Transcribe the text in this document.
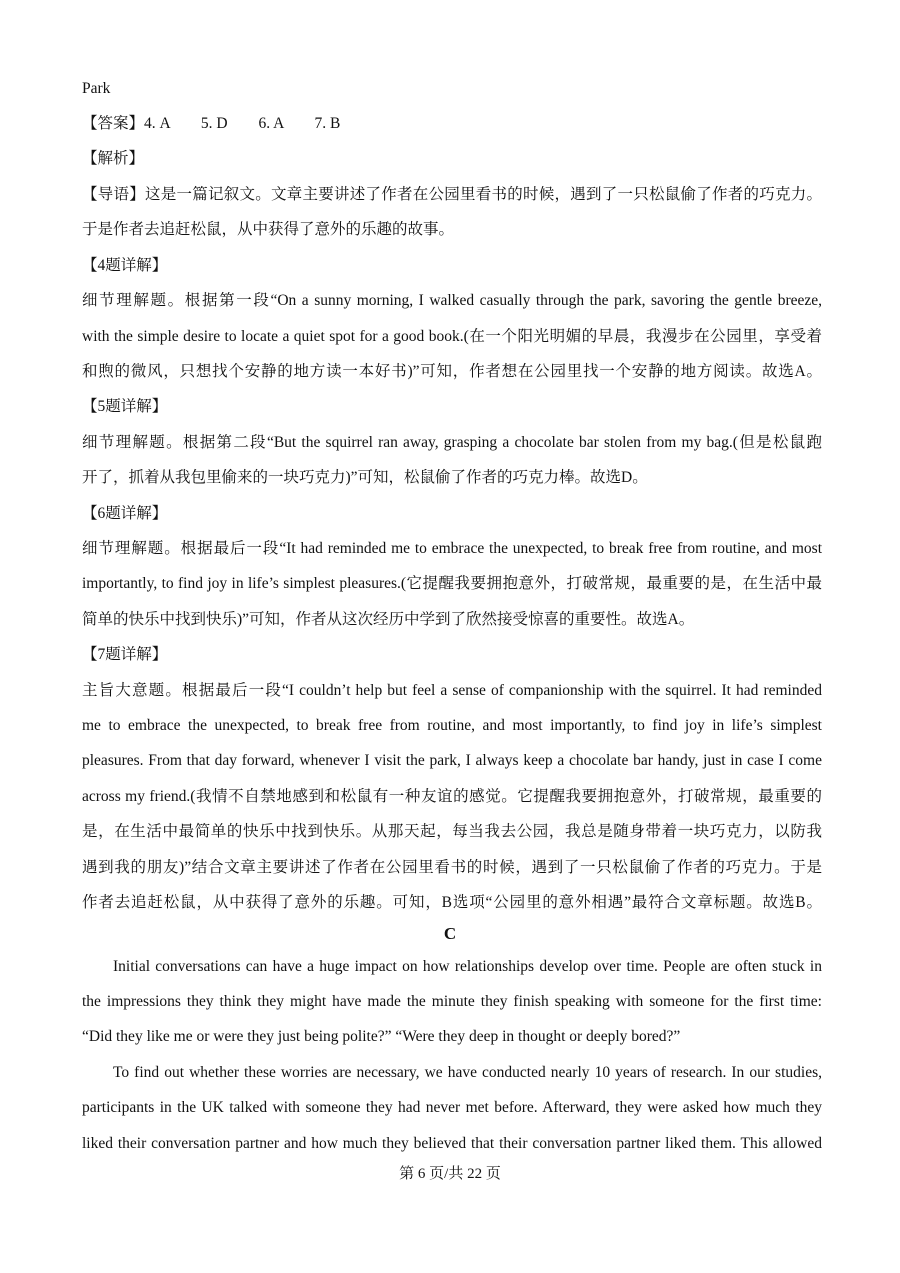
Park
【答案】4. A　　5. D　　6. A　　7. B
【解析】
【导语】这是一篇记叙文。文章主要讲述了作者在公园里看书的时候，遇到了一只松鼠偷了作者的巧克力。
于是作者去追赶松鼠，从中获得了意外的乐趣的故事。
【4题详解】
细节理解题。根据第一段“On a sunny morning, I walked casually through the park, savoring the gentle breeze,
with the simple desire to locate a quiet spot for a good book.(在一个阳光明媚的早晨，我漫步在公园里，享受着
和煦的微风，只想找个安静的地方读一本好书)”可知，作者想在公园里找一个安静的地方阅读。故选A。
【5题详解】
细节理解题。根据第二段“But the squirrel ran away, grasping a chocolate bar stolen from my bag.(但是松鼠跑
开了，抓着从我包里偷来的一块巧克力)”可知，松鼠偷了作者的巧克力棒。故选D。
【6题详解】
细节理解题。根据最后一段“It had reminded me to embrace the unexpected, to break free from routine, and most
importantly, to find joy in life’s simplest pleasures.(它提醒我要拥抱意外，打破常规，最重要的是，在生活中最
简单的快乐中找到快乐)”可知，作者从这次经历中学到了欣然接受惊喜的重要性。故选A。
【7题详解】
主旨大意题。根据最后一段“I couldn’t help but feel a sense of companionship with the squirrel. It had reminded
me to embrace the unexpected, to break free from routine, and most importantly, to find joy in life’s simplest
pleasures. From that day forward, whenever I visit the park, I always keep a chocolate bar handy, just in case I come
across my friend.(我情不自禁地感到和松鼠有一种友谊的感觉。它提醒我要拥抱意外，打破常规，最重要的
是，在生活中最简单的快乐中找到快乐。从那天起，每当我去公园，我总是随身带着一块巧克力，以防我
遇到我的朋友)”结合文章主要讲述了作者在公园里看书的时候，遇到了一只松鼠偷了作者的巧克力。于是
作者去追赶松鼠，从中获得了意外的乐趣。可知，B选项“公园里的意外相遇”最符合文章标题。故选B。
C
Initial conversations can have a huge impact on how relationships develop over time. People are often stuck in
the impressions they think they might have made the minute they finish speaking with someone for the first time:
“Did they like me or were they just being polite?” “Were they deep in thought or deeply bored?”
To find out whether these worries are necessary, we have conducted nearly 10 years of research. In our studies,
participants in the UK talked with someone they had never met before. Afterward, they were asked how much they
liked their conversation partner and how much they believed that their conversation partner liked them. This allowed
第 6 页/共 22 页
